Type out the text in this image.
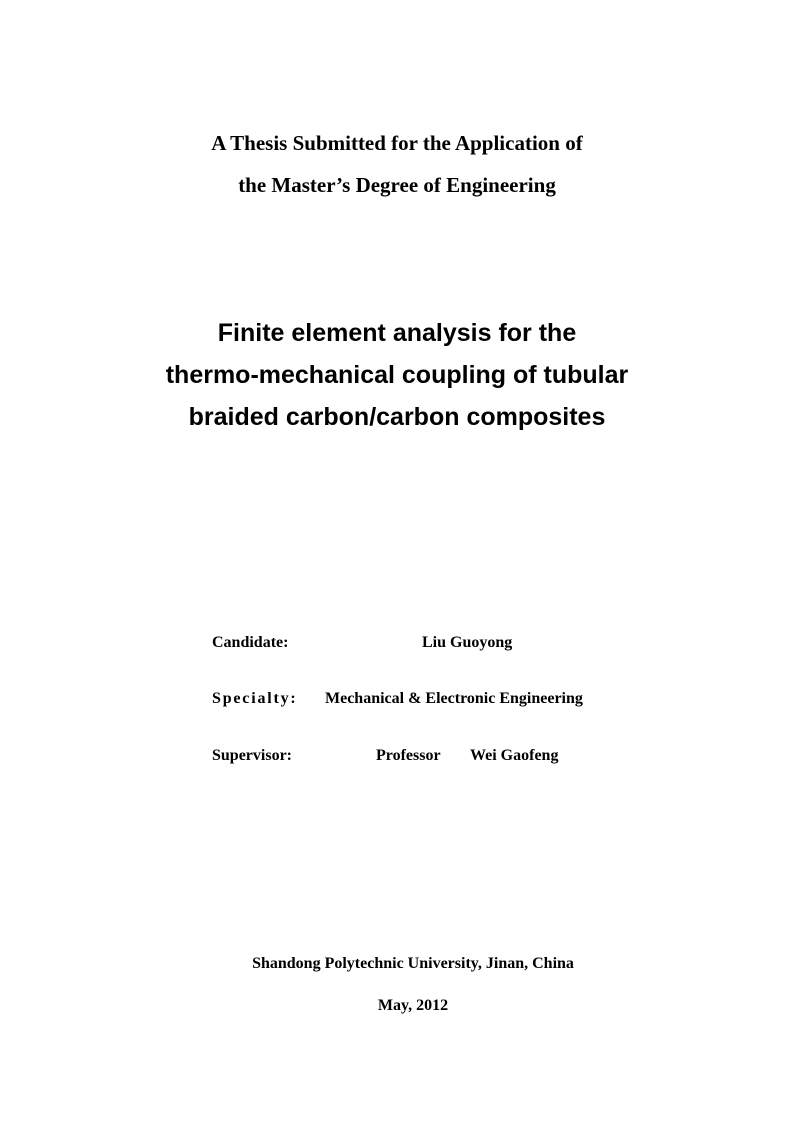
A Thesis Submitted for the Application of
the Master’s Degree of Engineering
Finite element analysis for the
thermo-mechanical coupling of tubular
braided carbon/carbon composites
Candidate:	Liu Guoyong
Specialty: Mechanical & Electronic Engineering
Supervisor:	Professor Wei Gaofeng
Shandong Polytechnic University, Jinan, China
May, 2012
